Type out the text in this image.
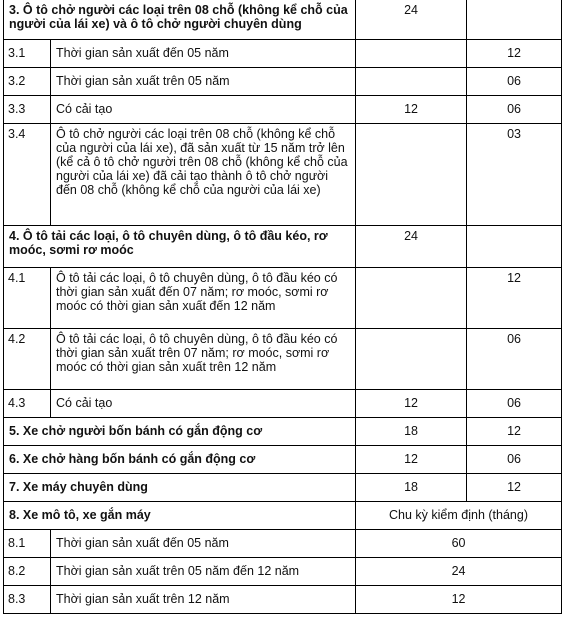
3. Ô tô chở người các loại trên 08 chỗ (không kể chỗ của người của lái xe) và ô tô chở người chuyên dùng		24	
3.1	Thời gian sản xuất đến 05 năm		12
3.2	Thời gian sản xuất trên 05 năm		06
3.3	Có cải tạo	12	06
3.4	Ô tô chở người các loại trên 08 chỗ (không kể chỗ của người của lái xe), đã sản xuất từ 15 năm trở lên (kể cả ô tô chở người trên 08 chỗ (không kể chỗ của người của lái xe) đã cải tạo thành ô tô chở người đến 08 chỗ (không kể chỗ của người của lái xe)		03
4. Ô tô tải các loại, ô tô chuyên dùng, ô tô đầu kéo, rơ moóc, sơmi rơ moóc		24	
4.1	Ô tô tải các loại, ô tô chuyên dùng, ô tô đầu kéo có thời gian sản xuất đến 07 năm; rơ moóc, sơmi rơ moóc có thời gian sản xuất đến 12 năm		12
4.2	Ô tô tải các loại, ô tô chuyên dùng, ô tô đầu kéo có thời gian sản xuất trên 07 năm; rơ moóc, sơmi rơ moóc có thời gian sản xuất trên 12 năm		06
4.3	Có cải tạo	12	06
5. Xe chở người bốn bánh có gắn động cơ		18	12
6. Xe chở hàng bốn bánh có gắn động cơ		12	06
7. Xe máy chuyên dùng		18	12
8. Xe mô tô, xe gắn máy		Chu kỳ kiểm định (tháng)	
8.1	Thời gian sản xuất đến 05 năm	60	
8.2	Thời gian sản xuất trên 05 năm đến 12 năm	24	
8.3	Thời gian sản xuất trên 12 năm	12	
